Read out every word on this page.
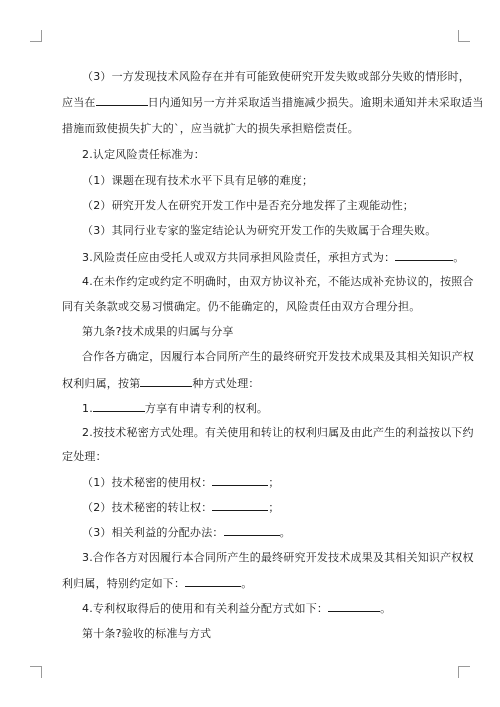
（3）一方发现技术风险存在并有可能致使研究开发失败或部分失败的情形时，
应当在	日内通知另一方并采取适当措施减少损失。逾期未通知并未采取适当
措施而致使损失扩大的`，应当就扩大的损失承担赔偿责任。
2.认定风险责任标准为：
（1）课题在现有技术水平下具有足够的难度；
（2）研究开发人在研究开发工作中是否充分地发挥了主观能动性；
（3）其同行业专家的鉴定结论认为研究开发工作的失败属于合理失败。
3.风险责任应由受托人或双方共同承担风险责任，承担方式为：	。
4.在未作约定或约定不明确时，由双方协议补充，不能达成补充协议的，按照合
同有关条款或交易习惯确定。仍不能确定的，风险责任由双方合理分担。
第九条?技术成果的归属与分享
合作各方确定，因履行本合同所产生的最终研究开发技术成果及其相关知识产权
权利归属，按第	种方式处理：
1.	方享有申请专利的权利。
2.按技术秘密方式处理。有关使用和转让的权利归属及由此产生的利益按以下约
定处理：
（1）技术秘密的使用权：	；
（2）技术秘密的转让权：	；
（3）相关利益的分配办法：	。
3.合作各方对因履行本合同所产生的最终研究开发技术成果及其相关知识产权权
利归属，特别约定如下：	。
4.专利权取得后的使用和有关利益分配方式如下：	。
第十条?验收的标准与方式
